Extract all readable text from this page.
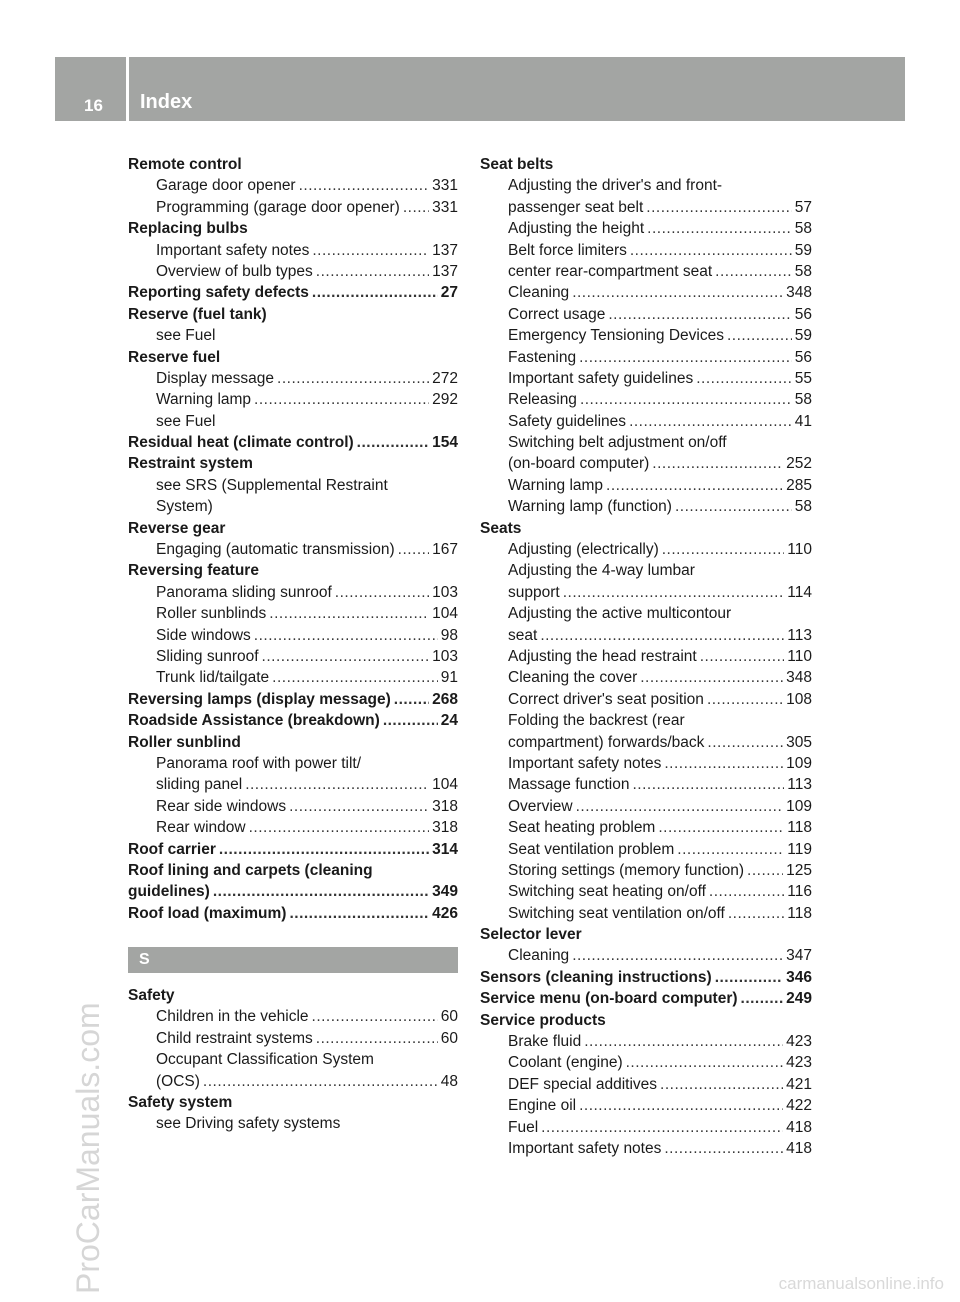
16 Index
Remote control
Garage door opener .....	331
Programming (garage door opener) ..... 331
Replacing bulbs
Important safety notes .....	137
Overview of bulb types .....	137
Reporting safety defects .....	27
Reserve (fuel tank)
see Fuel
Reserve fuel
Display message .....	272
Warning lamp .....	292
see Fuel
Residual heat (climate control) .....	154
Restraint system
see SRS (Supplemental Restraint
System)
Reverse gear
Engaging (automatic transmission) ..... 167
Reversing feature
Panorama sliding sunroof .....	103
Roller sunblinds .....	104
Side windows .....	98
Sliding sunroof .....	103
Trunk lid/tailgate .....	91
Reversing lamps (display message) .....	268
Roadside Assistance (breakdown) .....	24
Roller sunblind
Panorama roof with power tilt/
sliding panel .....	104
Rear side windows .....	318
Rear window .....	318
Roof carrier .....	314
Roof lining and carpets (cleaning
guidelines) .....	349
Roof load (maximum) .....	426
S
Safety
Children in the vehicle .....	60
Child restraint systems .....	60
Occupant Classification System
(OCS) .....	48
Safety system
see Driving safety systems
Seat belts
Adjusting the driver's and front-
passenger seat belt .....	57
Adjusting the height .....	58
Belt force limiters .....	59
center rear-compartment seat .....	58
Cleaning .....	348
Correct usage .....	56
Emergency Tensioning Devices .....	59
Fastening .....	56
Important safety guidelines .....	55
Releasing .....	58
Safety guidelines .....	41
Switching belt adjustment on/off
(on-board computer) .....	252
Warning lamp .....	285
Warning lamp (function) .....	58
Seats
Adjusting (electrically) .....	110
Adjusting the 4-way lumbar
support .....	114
Adjusting the active multicontour
seat .....	113
Adjusting the head restraint .....	110
Cleaning the cover .....	348
Correct driver's seat position .....	108
Folding the backrest (rear
compartment) forwards/back .....	305
Important safety notes .....	109
Massage function .....	113
Overview .....	109
Seat heating problem .....	118
Seat ventilation problem .....	119
Storing settings (memory function) .....	125
Switching seat heating on/off .....	116
Switching seat ventilation on/off .....	118
Selector lever
Cleaning .....	347
Sensors (cleaning instructions) .....	346
Service menu (on-board computer) .....	249
Service products
Brake fluid .....	423
Coolant (engine) .....	423
DEF special additives .....	421
Engine oil .....	422
Fuel .....	418
Important safety notes .....	418
ProCarManuals.com	carmanualsonline.info
